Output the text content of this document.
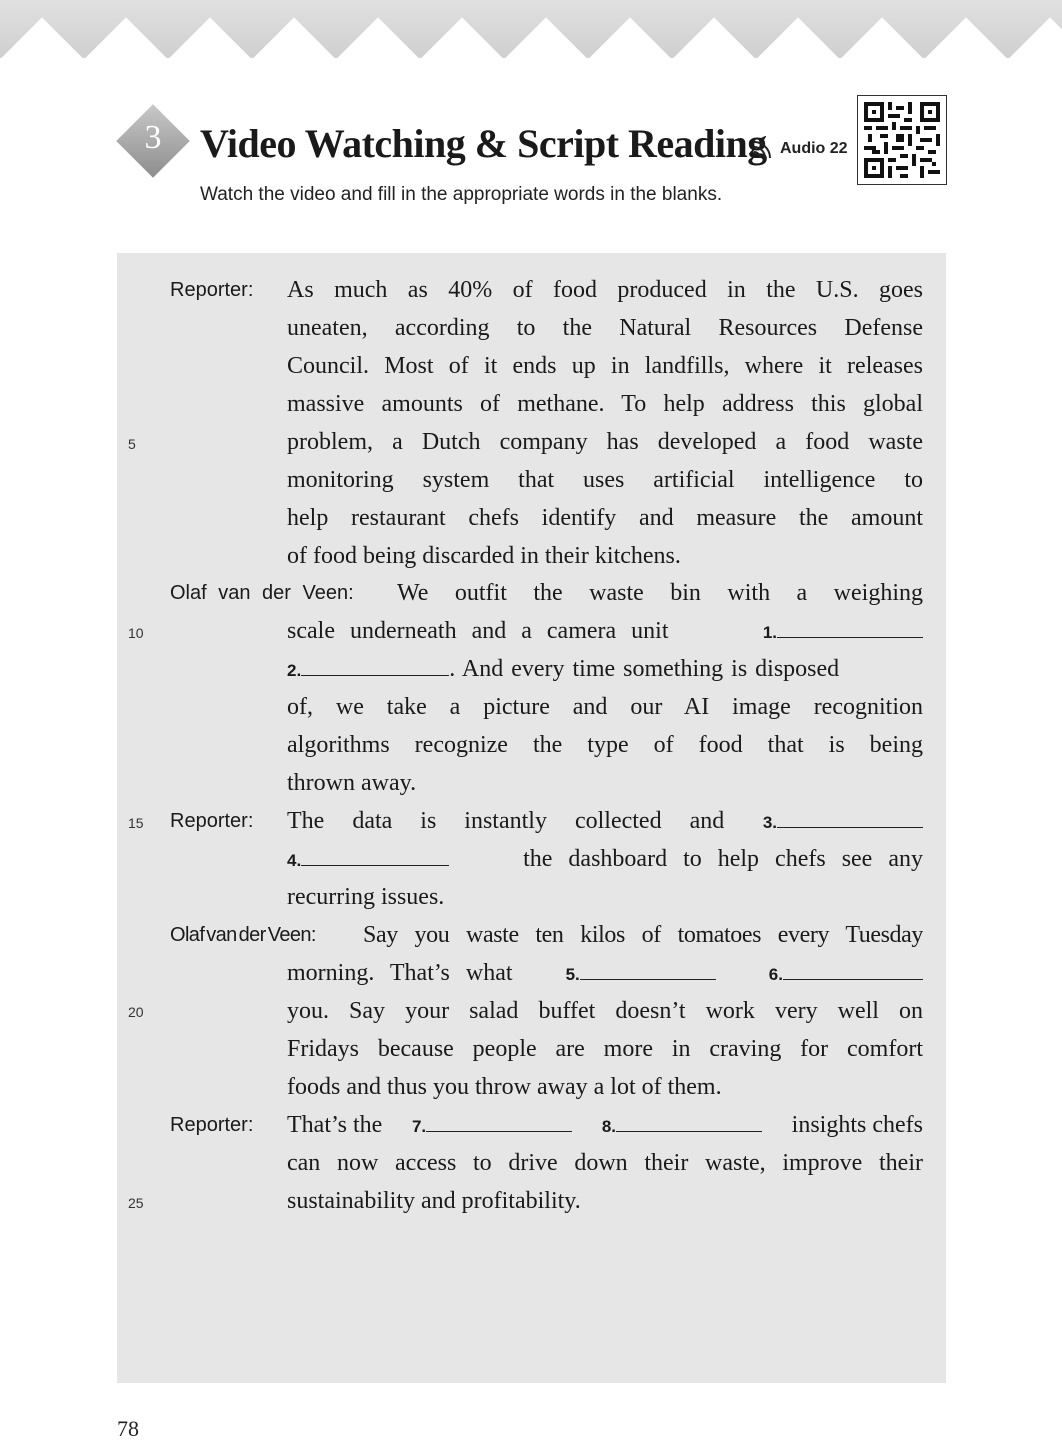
3 Video Watching & Script Reading Audio 22
Watch the video and fill in the appropriate words in the blanks.
5
10
15
20
25
Reporter: As much as 40% of food produced in the U.S. goes
uneaten, according to the Natural Resources Defense
Council. Most of it ends up in landfills, where it releases
massive amounts of methane. To help address this global
problem, a Dutch company has developed a food waste
monitoring system that uses artificial intelligence to
help restaurant chefs identify and measure the amount
of food being discarded in their kitchens.
Olaf van der Veen:	We outfit the waste bin with a weighing
scale underneath and a camera unit	1.
2.	. And every time something is disposed
of, we take a picture and our AI image recognition
algorithms recognize the type of food that is being
thrown away.
Reporter: The data is instantly collected and 3.
4.	the dashboard to help chefs see any
recurring issues.
Olaf van der Veen:	Say you waste ten kilos of tomatoes every Tuesday
morning. That’s what	5.	6.
you. Say your salad buffet doesn’t work very well on
Fridays because people are more in craving for comfort
foods and thus you throw away a lot of them.
Reporter: That’s the 7.	8.	insights chefs
can now access to drive down their waste, improve their
sustainability and profitability.
78
